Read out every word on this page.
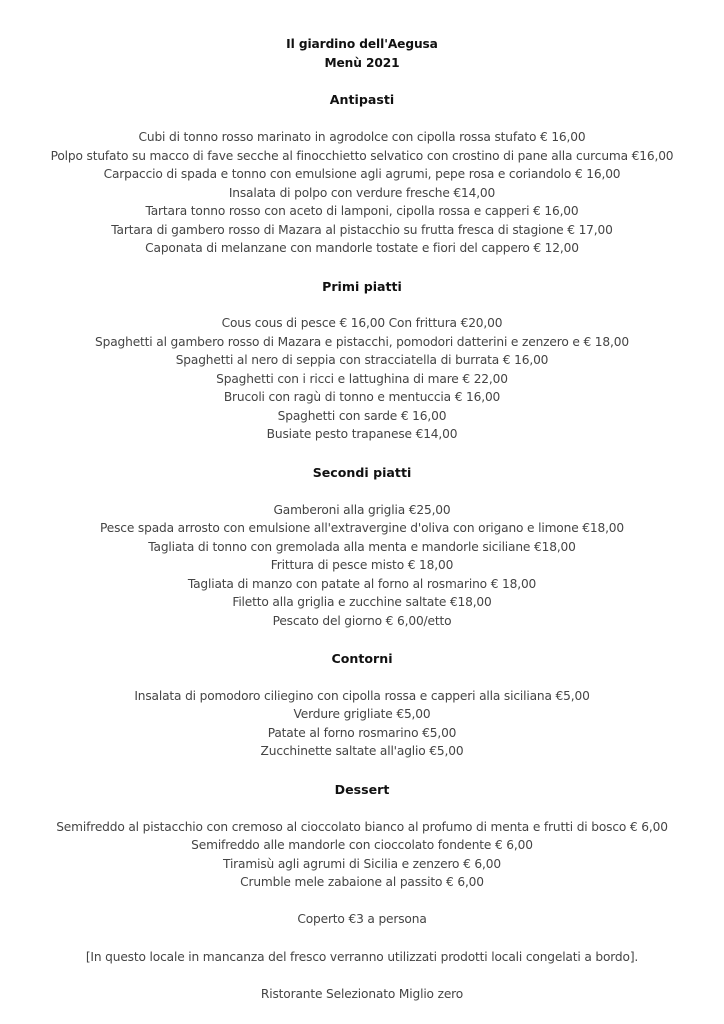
Il giardino dell'Aegusa
Menù 2021
Antipasti
Cubi di tonno rosso marinato in agrodolce con cipolla rossa stufato € 16,00
Polpo stufato su macco di fave secche al finocchietto selvatico con crostino di pane alla curcuma €16,00
Carpaccio di spada e tonno con emulsione agli agrumi, pepe rosa e coriandolo € 16,00
Insalata di polpo con verdure fresche €14,00
Tartara tonno rosso con aceto di lamponi, cipolla rossa e capperi € 16,00
Tartara di gambero rosso di Mazara al pistacchio su frutta fresca di stagione € 17,00
Caponata di melanzane con mandorle tostate e fiori del cappero € 12,00
Primi piatti
Cous cous di pesce € 16,00 Con frittura €20,00
Spaghetti al gambero rosso di Mazara e pistacchi, pomodori datterini e zenzero e € 18,00
Spaghetti al nero di seppia con stracciatella di burrata € 16,00
Spaghetti con i ricci e lattughina di mare € 22,00
Brucoli con ragù di tonno e mentuccia € 16,00
Spaghetti con sarde € 16,00
Busiate pesto trapanese €14,00
Secondi piatti
Gamberoni alla griglia €25,00
Pesce spada arrosto con emulsione all'extravergine d'oliva con origano e limone €18,00
Tagliata di tonno con gremolada alla menta e mandorle siciliane €18,00
Frittura di pesce misto € 18,00
Tagliata di manzo con patate al forno al rosmarino € 18,00
Filetto alla griglia e zucchine saltate €18,00
Pescato del giorno € 6,00/etto
Contorni
Insalata di pomodoro ciliegino con cipolla rossa e capperi alla siciliana €5,00
Verdure grigliate €5,00
Patate al forno rosmarino €5,00
Zucchinette saltate all'aglio €5,00
Dessert
Semifreddo al pistacchio con cremoso al cioccolato bianco al profumo di menta e frutti di bosco € 6,00
Semifreddo alle mandorle con cioccolato fondente € 6,00
Tiramisù agli agrumi di Sicilia e zenzero € 6,00
Crumble mele zabaione al passito € 6,00
Coperto €3 a persona
[In questo locale in mancanza del fresco verranno utilizzati prodotti locali congelati a bordo].
Ristorante Selezionato Miglio zero
